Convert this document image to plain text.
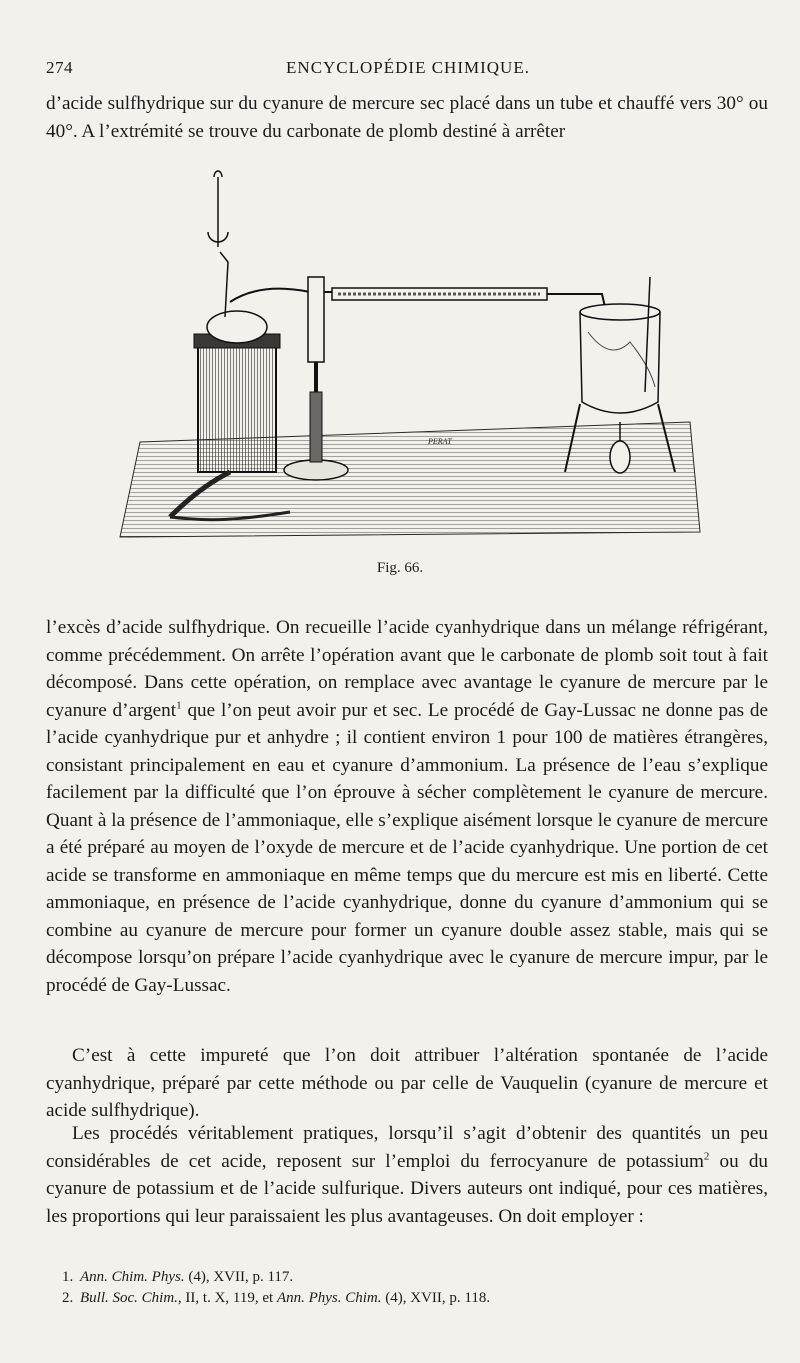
274	ENCYCLOPÉDIE CHIMIQUE.

d’acide sulfhydrique sur du cyanure de mercure sec placé dans un tube et chauffé vers 30° ou 40°. A l’extrémité se trouve du carbonate de plomb destiné à arrêter

PERAT
Fig. 66.

l’excès d’acide sulfhydrique. On recueille l’acide cyanhydrique dans un mélange réfrigérant, comme précédemment. On arrête l’opération avant que le carbonate de plomb soit tout à fait décomposé. Dans cette opération, on remplace avec avantage le cyanure de mercure par le cyanure d’argent$^1$ que l’on peut avoir pur et sec. Le procédé de Gay-Lussac ne donne pas de l’acide cyanhydrique pur et anhydre ; il contient environ 1 pour 100 de matières étrangères, consistant principalement en eau et cyanure d’ammonium. La présence de l’eau s’explique facilement par la difficulté que l’on éprouve à sécher complètement le cyanure de mercure. Quant à la présence de l’ammoniaque, elle s’explique aisément lorsque le cyanure de mercure a été préparé au moyen de l’oxyde de mercure et de l’acide cyanhydrique. Une portion de cet acide se transforme en ammoniaque en même temps que du mercure est mis en liberté. Cette ammoniaque, en présence de l’acide cyanhydrique, donne du cyanure d’ammonium qui se combine au cyanure de mercure pour former un cyanure double assez stable, mais qui se décompose lorsqu’on prépare l’acide cyanhydrique avec le cyanure de mercure impur, par le procédé de Gay-Lussac.

C’est à cette impureté que l’on doit attribuer l’altération spontanée de l’acide cyanhydrique, préparé par cette méthode ou par celle de Vauquelin (cyanure de mercure et acide sulfhydrique).

Les procédés véritablement pratiques, lorsqu’il s’agit d’obtenir des quantités un peu considérables de cet acide, reposent sur l’emploi du ferrocyanure de potassium$^2$ ou du cyanure de potassium et de l’acide sulfurique. Divers auteurs ont indiqué, pour ces matières, les proportions qui leur paraissaient les plus avantageuses. On doit employer :

1. Ann. Chim. Phys. (4), XVII, p. 117.

2. Bull. Soc. Chim., II, t. X, 119, et Ann. Phys. Chim. (4), XVII, p. 118.
